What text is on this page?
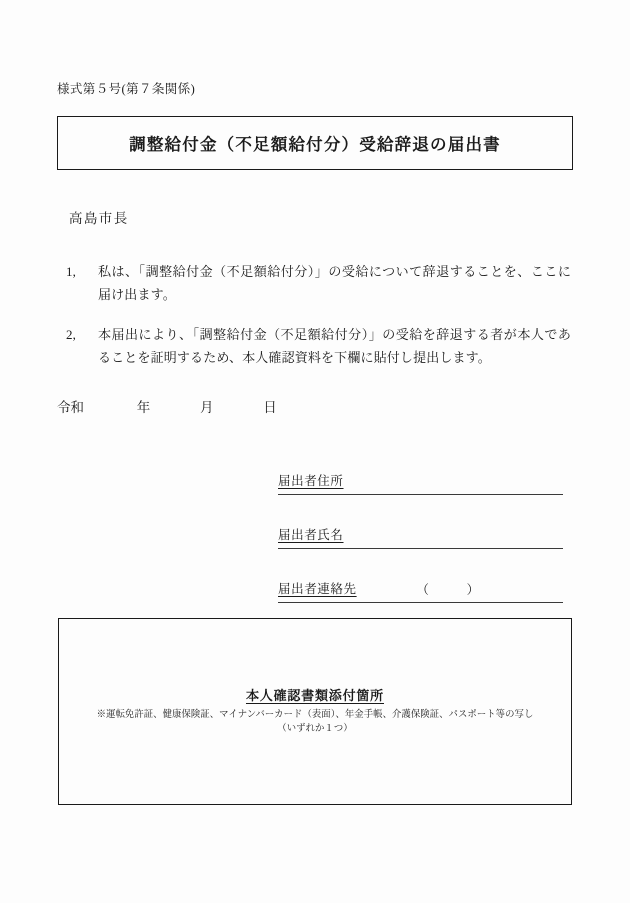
様式第５号(第７条関係)
調整給付金（不足額給付分）受給辞退の届出書
高島市長
1,	私は、「調整給付金（不足額給付分）」の受給について辞退することを、ここに届け出ます。

2,	本届出により、「調整給付金（不足額給付分）」の受給を辞退する者が本人であることを証明するため、本人確認資料を下欄に貼付し提出します。

令和	年	月	日
届出者住所
届出者氏名
届出者連絡先	（	）
本人確認書類添付箇所
※運転免許証、健康保険証、マイナンバーカード（表面）、年金手帳、介護保険証、パスポート等の写し
（いずれか１つ）
